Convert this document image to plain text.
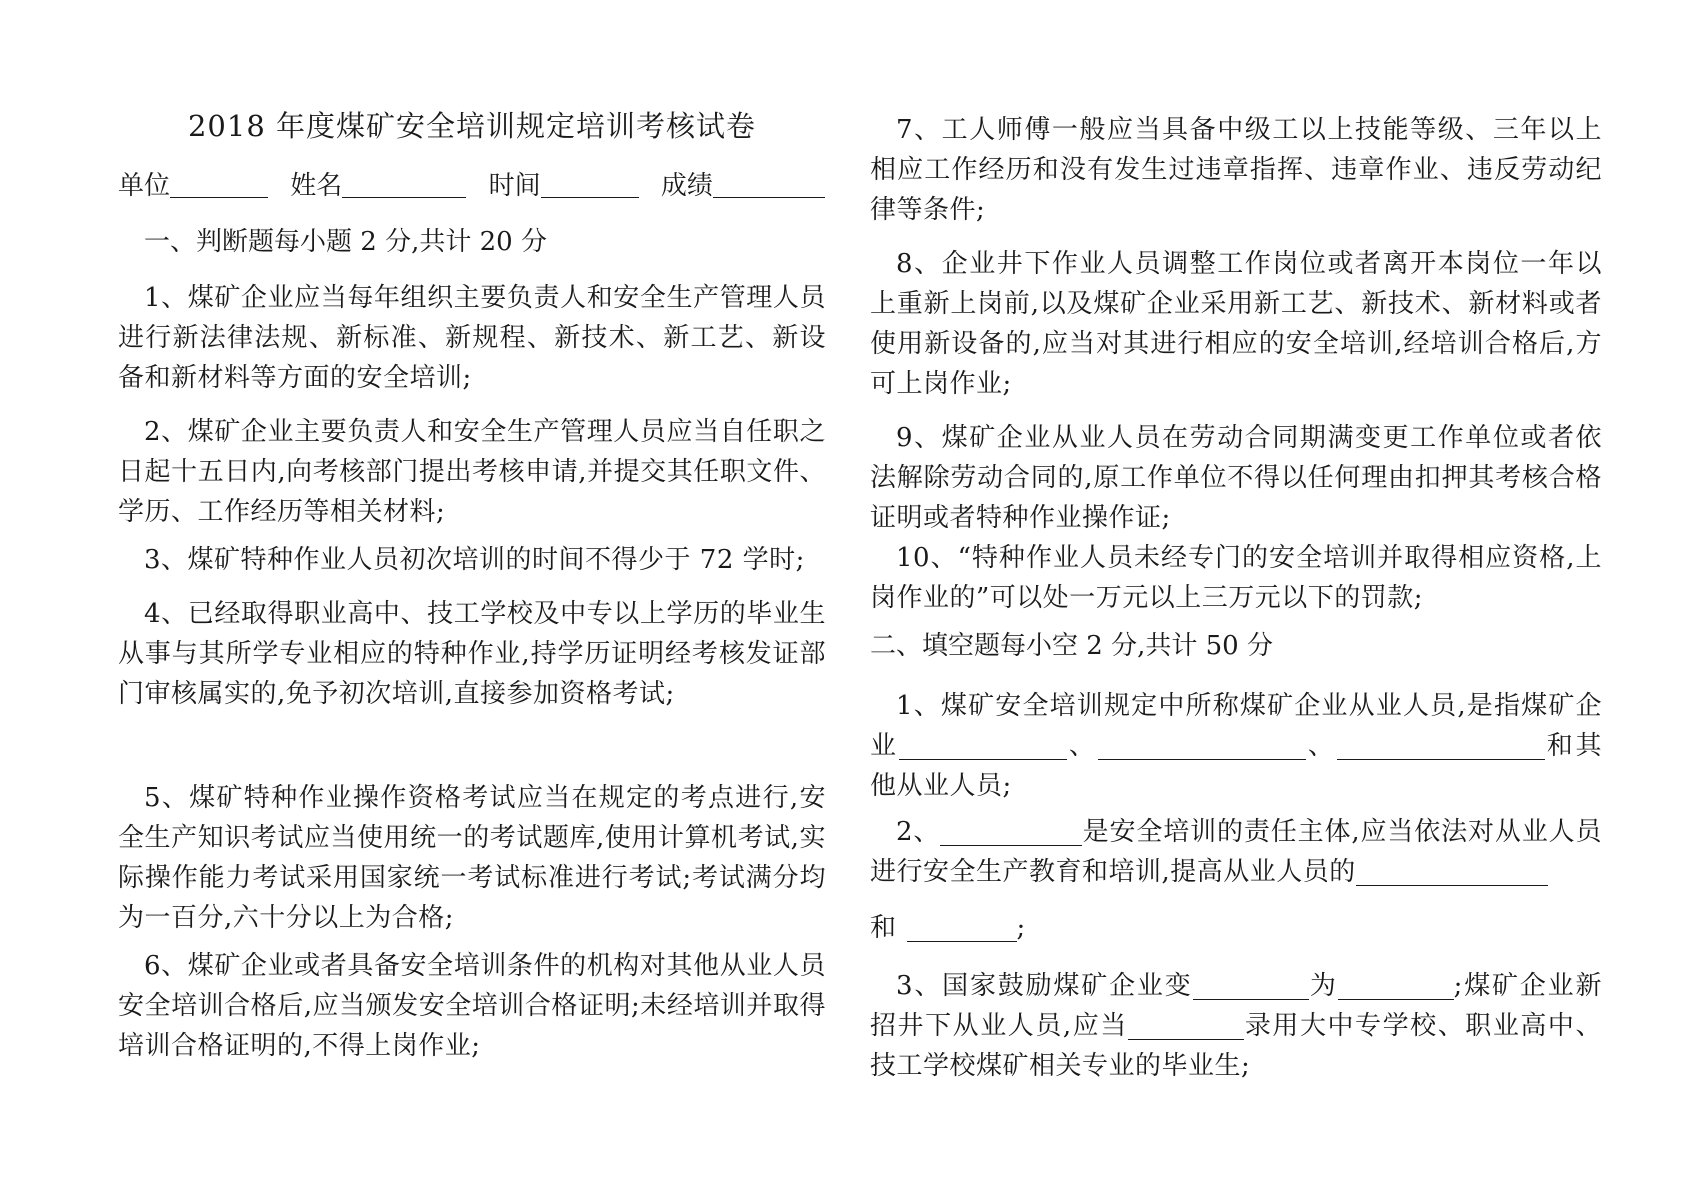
2018 年度煤矿安全培训规定培训考核试卷
单位	姓名	时间	成绩
一、判断题每小题 2 分,共计 20 分

1、煤矿企业应当每年组织主要负责人和安全生产管理人员进行新法律法规、新标准、新规程、新技术、新工艺、新设备和新材料等方面的安全培训;

2、煤矿企业主要负责人和安全生产管理人员应当自任职之日起十五日内,向考核部门提出考核申请,并提交其任职文件、学历、工作经历等相关材料;

3、煤矿特种作业人员初次培训的时间不得少于 72 学时;

4、已经取得职业高中、技工学校及中专以上学历的毕业生从事与其所学专业相应的特种作业,持学历证明经考核发证部门审核属实的,免予初次培训,直接参加资格考试;

5、煤矿特种作业操作资格考试应当在规定的考点进行,安全生产知识考试应当使用统一的考试题库,使用计算机考试,实际操作能力考试采用国家统一考试标准进行考试;考试满分均为一百分,六十分以上为合格;

6、煤矿企业或者具备安全培训条件的机构对其他从业人员安全培训合格后,应当颁发安全培训合格证明;未经培训并取得培训合格证明的,不得上岗作业;

7、工人师傅一般应当具备中级工以上技能等级、三年以上相应工作经历和没有发生过违章指挥、违章作业、违反劳动纪律等条件;

8、企业井下作业人员调整工作岗位或者离开本岗位一年以上重新上岗前,以及煤矿企业采用新工艺、新技术、新材料或者使用新设备的,应当对其进行相应的安全培训,经培训合格后,方可上岗作业;

9、煤矿企业从业人员在劳动合同期满变更工作单位或者依法解除劳动合同的,原工作单位不得以任何理由扣押其考核合格证明或者特种作业操作证;

10、“特种作业人员未经专门的安全培训并取得相应资格,上岗作业的”可以处一万元以上三万元以下的罚款;

二、填空题每小空 2 分,共计 50 分

1、煤矿安全培训规定中所称煤矿企业从业人员,是指煤矿企业	、	、	和其他从业人员;

2、	是安全培训的责任主体,应当依法对从业人员进行安全生产教育和培训,提高从业人员的

和	;

3、国家鼓励煤矿企业变	为	;煤矿企业新招井下从业人员,应当	录用大中专学校、职业高中、技工学校煤矿相关专业的毕业生;
